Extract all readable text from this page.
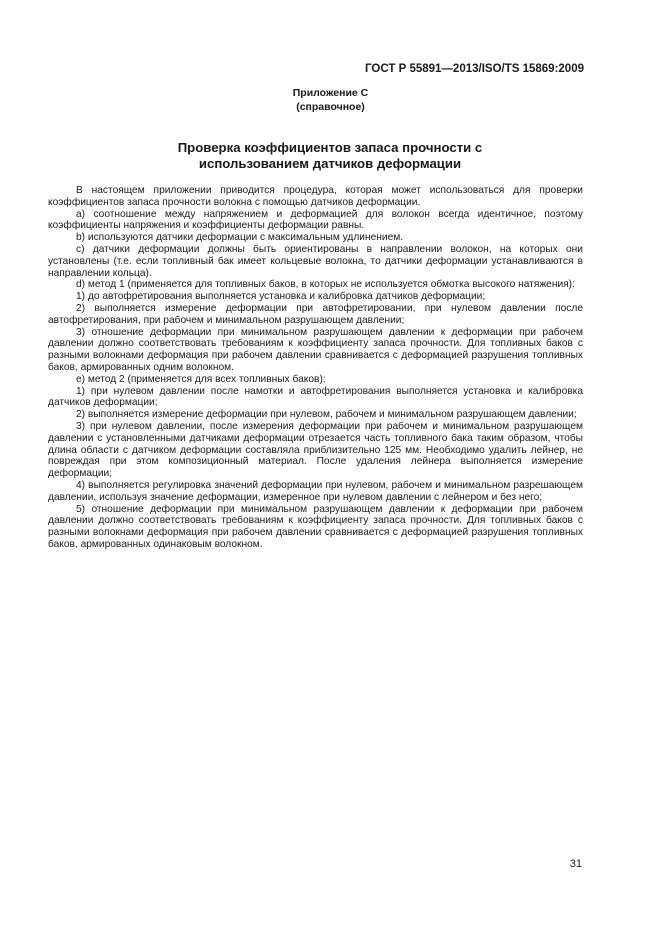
ГОСТ Р 55891—2013/ISO/TS 15869:2009
Приложение С
(справочное)
Проверка коэффициентов запаса прочности с
использованием датчиков деформации

В настоящем приложении приводится процедура, которая может использоваться для проверки коэффициентов запаса прочности волокна с помощью датчиков деформации.

а) соотношение между напряжением и деформацией для волокон всегда идентичное, поэтому коэффициенты напряжения и коэффициенты деформации равны.

b) используются датчики деформации с максимальным удлинением.

с) датчики деформации должны быть ориентированы в направлении волокон, на которых они установлены (т.е. если топливный бак имеет кольцевые волокна, то датчики деформации устанавливаются в направлении кольца).

d) метод 1 (применяется для топливных баков, в которых не используется обмотка высокого натяжения):

1) до автофретирования выполняется установка и калибровка датчиков деформации;

2) выполняется измерение деформации при автофретировании, при нулевом давлении после автофретирования, при рабочем и минимальном разрушающем давлении;

3) отношение деформации при минимальном разрушающем давлении к деформации при рабочем давлении должно соответствовать требованиям к коэффициенту запаса прочности. Для топливных баков с разными волокнами деформация при рабочем давлении сравнивается с деформацией разрушения топливных баков, армированных одним волокном.

е) метод 2 (применяется для всех топливных баков):

1) при нулевом давлении после намотки и автофретирования выполняется установка и калибровка датчиков деформации;

2) выполняется измерение деформации при нулевом, рабочем и минимальном разрушающем давлении;

3) при нулевом давлении, после измерения деформации при рабочем и минимальном разрушающем давлении с установленными датчиками деформации отрезается часть топливного бака таким образом, чтобы длина области с датчиком деформации составляла приблизительно 125 мм. Необходимо удалить лейнер, не повреждая при этом композиционный материал. После удаления лейнера выполняется измерение деформации;

4) выполняется регулировка значений деформации при нулевом, рабочем и минимальном разрешающем давлении, используя значение деформации, измеренное при нулевом давлении с лейнером и без него;

5) отношение деформации при минимальном разрушающем давлении к деформации при рабочем давлении должно соответствовать требованиям к коэффициенту запаса прочности. Для топливных баков с разными волокнами деформация при рабочем давлении сравнивается с деформацией разрушения топливных баков, армированных одинаковым волокном.

31
